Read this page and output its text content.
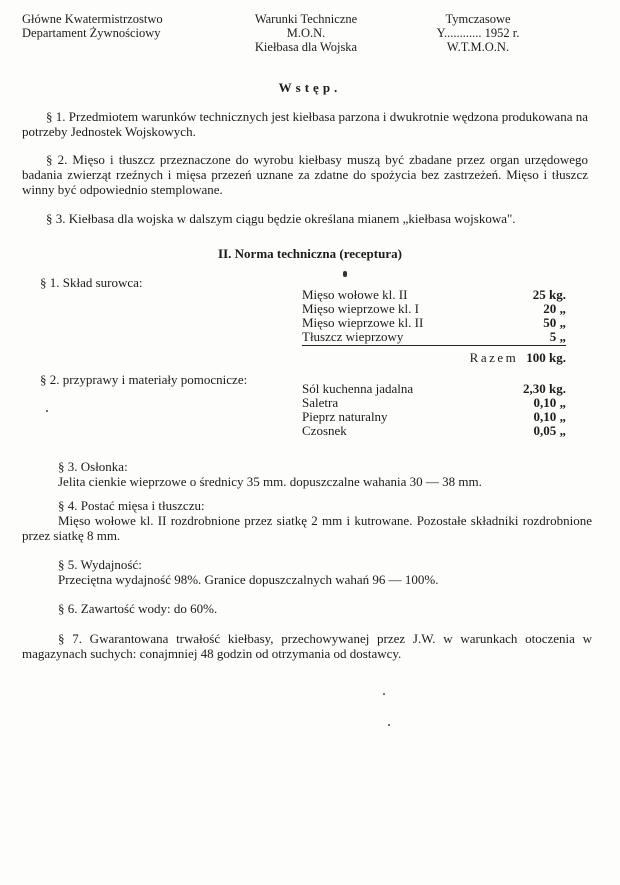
Główne Kwatermistrzostwo
Departament Żywnościowy
Warunki Techniczne
M.O.N.
Kiełbasa dla Wojska
Tymczasowe
Y............ 1952 r.
W.T.M.O.N.
Wstęp.
§ 1. Przedmiotem warunków technicznych jest kiełbasa parzona i dwukrotnie wędzona produkowana na potrzeby Jednostek Wojskowych.
§ 2. Mięso i tłuszcz przeznaczone do wyrobu kiełbasy muszą być zbadane przez organ urzędowego badania zwierząt rzeźnych i mięsa przezeń uznane za zdatne do spożycia bez zastrzeżeń. Mięso i tłuszcz winny być odpowiednio stemplowane.
§ 3. Kiełbasa dla wojska w dalszym ciągu będzie określana mianem „kiełbasa wojskowa".
II. Norma techniczna (receptura)
§ 1. Skład surowca:
Mięso wołowe kl. II	25 kg.
Mięso wieprzowe kl. I	20 „
Mięso wieprzowe kl. II	50 „
Tłuszcz wieprzowy	5 „
Razem 100 kg.
§ 2. przyprawy i materiały pomocnicze:
Sól kuchenna jadalna	2,30 kg.
Saletra	0,10 „
Pieprz naturalny	0,10 „
Czosnek	0,05 „
§ 3. Osłonka:
Jelita cienkie wieprzowe o średnicy 35 mm. dopuszczalne wahania 30 — 38 mm.
§ 4. Postać mięsa i tłuszczu:
Mięso wołowe kl. II rozdrobnione przez siatkę 2 mm i kutrowane. Pozostałe składniki rozdrobnione przez siatkę 8 mm.
§ 5. Wydajność:
Przeciętna wydajność 98%. Granice dopuszczalnych wahań 96 — 100%.
§ 6. Zawartość wody: do 60%.
§ 7. Gwarantowana trwałość kiełbasy, przechowywanej przez J.W. w warunkach otoczenia w magazynach suchych: conajmniej 48 godzin od otrzymania od dostawcy.
